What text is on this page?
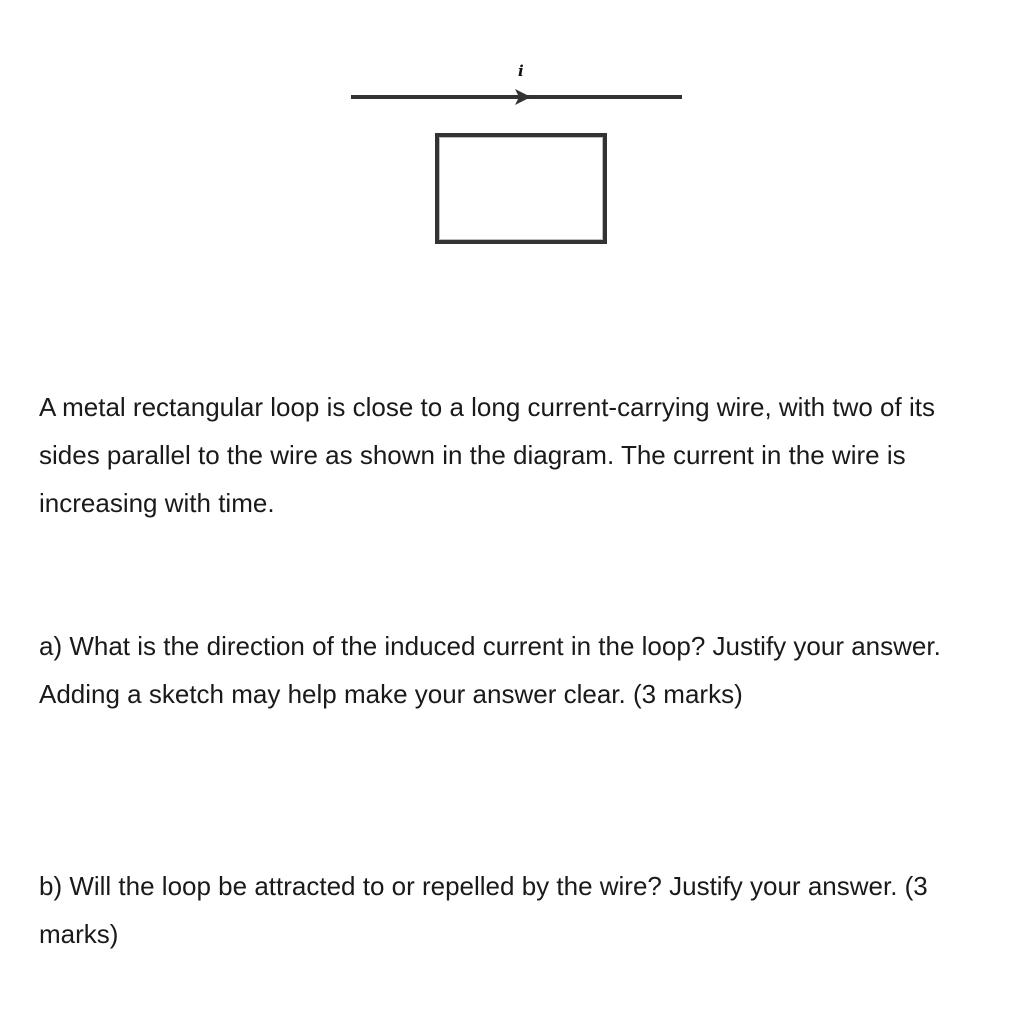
i

A metal rectangular loop is close to a long current-carrying wire, with two of its sides parallel to the wire as shown in the diagram. The current in the wire is increasing with time.

a) What is the direction of the induced current in the loop? Justify your answer. Adding a sketch may help make your answer clear. (3 marks)

b) Will the loop be attracted to or repelled by the wire? Justify your answer. (3 marks)
